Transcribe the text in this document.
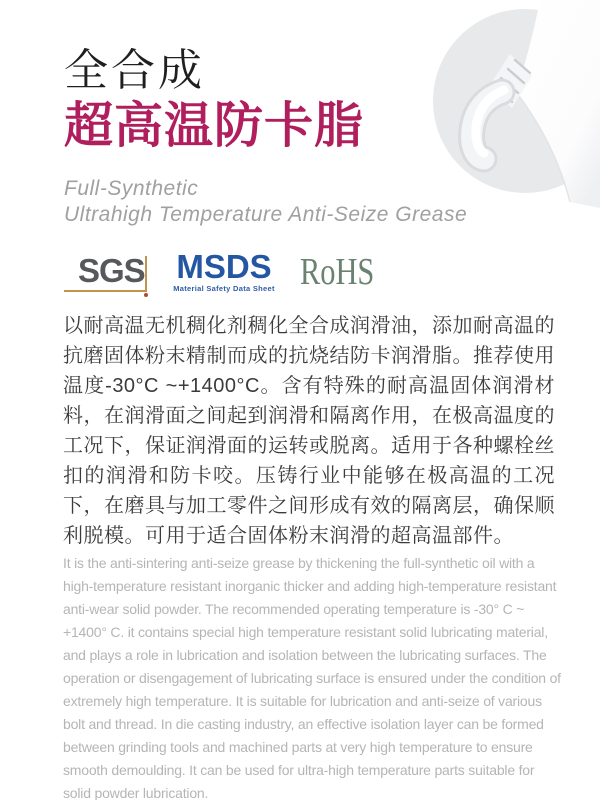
全合成
超高温防卡脂
Full-Synthetic
Ultrahigh Temperature Anti-Seize Grease
SGS MSDS
Material Safety Data Sheet RoHS
以耐高温无机稠化剂稠化全合成润滑油，添加耐高温的抗磨固体粉末精制而成的抗烧结防卡润滑脂。推荐使用温度-30°C ~+1400°C。含有特殊的耐高温固体润滑材料，在润滑面之间起到润滑和隔离作用，在极高温度的工况下，保证润滑面的运转或脱离。适用于各种螺栓丝扣的润滑和防卡咬。压铸行业中能够在极高温的工况下，在磨具与加工零件之间形成有效的隔离层，确保顺利脱模。可用于适合固体粉末润滑的超高温部件。
It is the anti-sintering anti-seize grease by thickening the full-synthetic oil with a high-temperature resistant inorganic thicker and adding high-temperature resistant anti-wear solid powder. The recommended operating temperature is -30° C ~ +1400° C. it contains special high temperature resistant solid lubricating material, and plays a role in lubrication and isolation between the lubricating surfaces. The operation or disengagement of lubricating surface is ensured under the condition of extremely high temperature. It is suitable for lubrication and anti-seize of various bolt and thread. In die casting industry, an effective isolation layer can be formed between grinding tools and machined parts at very high temperature to ensure smooth demoulding. It can be used for ultra-high temperature parts suitable for solid powder lubrication.
